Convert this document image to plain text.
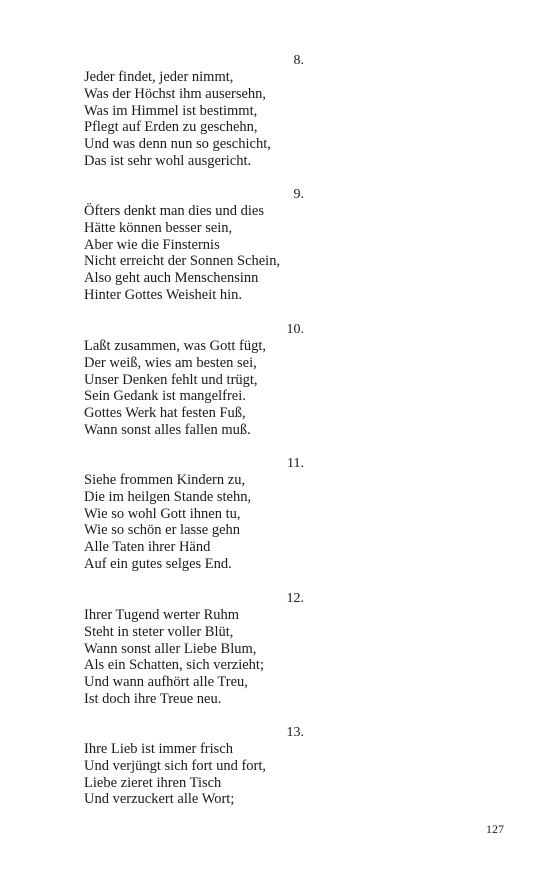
8.
Jeder findet, jeder nimmt,
Was der Höchst ihm ausersehn,
Was im Himmel ist bestimmt,
Pflegt auf Erden zu geschehn,
Und was denn nun so geschicht,
Das ist sehr wohl ausgericht.
9.
Öfters denkt man dies und dies
Hätte können besser sein,
Aber wie die Finsternis
Nicht erreicht der Sonnen Schein,
Also geht auch Menschensinn
Hinter Gottes Weisheit hin.
10.
Laßt zusammen, was Gott fügt,
Der weiß, wies am besten sei,
Unser Denken fehlt und trügt,
Sein Gedank ist mangelfrei.
Gottes Werk hat festen Fuß,
Wann sonst alles fallen muß.
11.
Siehe frommen Kindern zu,
Die im heilgen Stande stehn,
Wie so wohl Gott ihnen tu,
Wie so schön er lasse gehn
Alle Taten ihrer Händ
Auf ein gutes selges End.
12.
Ihrer Tugend werter Ruhm
Steht in steter voller Blüt,
Wann sonst aller Liebe Blum,
Als ein Schatten, sich verzieht;
Und wann aufhört alle Treu,
Ist doch ihre Treue neu.
13.
Ihre Lieb ist immer frisch
Und verjüngt sich fort und fort,
Liebe zieret ihren Tisch
Und verzuckert alle Wort;
127
